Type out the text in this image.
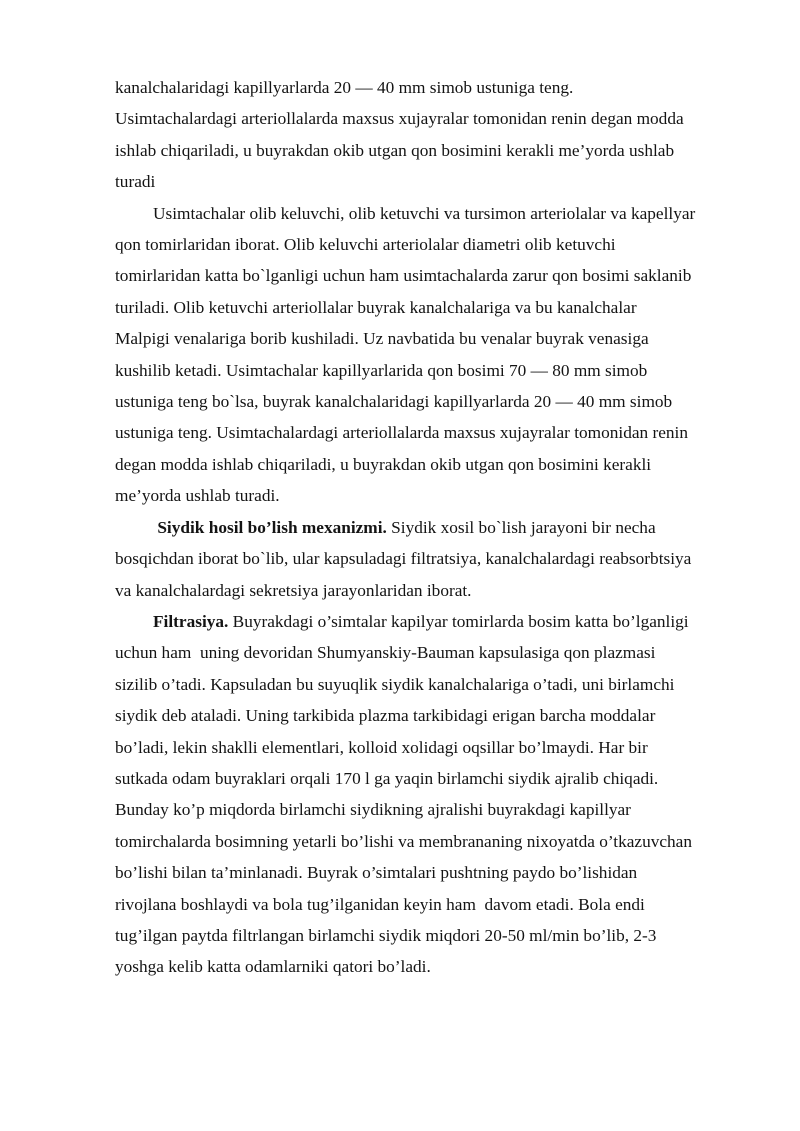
kanalchalaridagi kapillyarlarda 20 — 40 mm simob ustuniga teng.
Usimtachalardagi arteriollalarda maxsus xujayralar tomonidan renin degan modda
ishlab chiqariladi, u buyrakdan okib utgan qon bosimini kerakli me’yorda ushlab
turadi

Usimtachalar olib keluvchi, olib ketuvchi va tursimon arteriolalar va kapellyar
qon tomirlaridan iborat. Olib keluvchi arteriolalar diametri olib ketuvchi
tomirlaridan katta bo`lganligi uchun ham usimtachalarda zarur qon bosimi saklanib
turiladi. Olib ketuvchi arteriollalar buyrak kanalchalariga va bu kanalchalar
Malpigi venalariga borib kushiladi. Uz navbatida bu venalar buyrak venasiga
kushilib ketadi. Usimtachalar kapillyarlarida qon bosimi 70 — 80 mm simob
ustuniga teng bo`lsa, buyrak kanalchalaridagi kapillyarlarda 20 — 40 mm simob
ustuniga teng. Usimtachalardagi arteriollalarda maxsus xujayralar tomonidan renin
degan modda ishlab chiqariladi, u buyrakdan okib utgan qon bosimini kerakli
me’yorda ushlab turadi.

Siydik hosil bo’lish mexanizmi. Siydik xosil bo`lish jarayoni bir necha
bosqichdan iborat bo`lib, ular kapsuladagi filtratsiya, kanalchalardagi reabsorbtsiya
va kanalchalardagi sekretsiya jarayonlaridan iborat.

Filtrasiya. Buyrakdagi o’simtalar kapilyar tomirlarda bosim katta bo’lganligi
uchun ham  uning devoridan Shumyanskiy-Bauman kapsulasiga qon plazmasi
sizilib o’tadi. Kapsuladan bu suyuqlik siydik kanalchalariga o’tadi, uni birlamchi
siydik deb ataladi. Uning tarkibida plazma tarkibidagi erigan barcha moddalar
bo’ladi, lekin shaklli elementlari, kolloid xolidagi oqsillar bo’lmaydi. Har bir
sutkada odam buyraklari orqali 170 l ga yaqin birlamchi siydik ajralib chiqadi.
Bunday ko’p miqdorda birlamchi siydikning ajralishi buyrakdagi kapillyar
tomirchalarda bosimning yetarli bo’lishi va membrananing nixoyatda o’tkazuvchan
bo’lishi bilan ta’minlanadi. Buyrak o’simtalari pushtning paydo bo’lishidan
rivojlana boshlaydi va bola tug’ilganidan keyin ham  davom etadi. Bola endi
tug’ilgan paytda filtrlangan birlamchi siydik miqdori 20-50 ml/min bo’lib, 2-3
yoshga kelib katta odamlarniki qatori bo’ladi.
